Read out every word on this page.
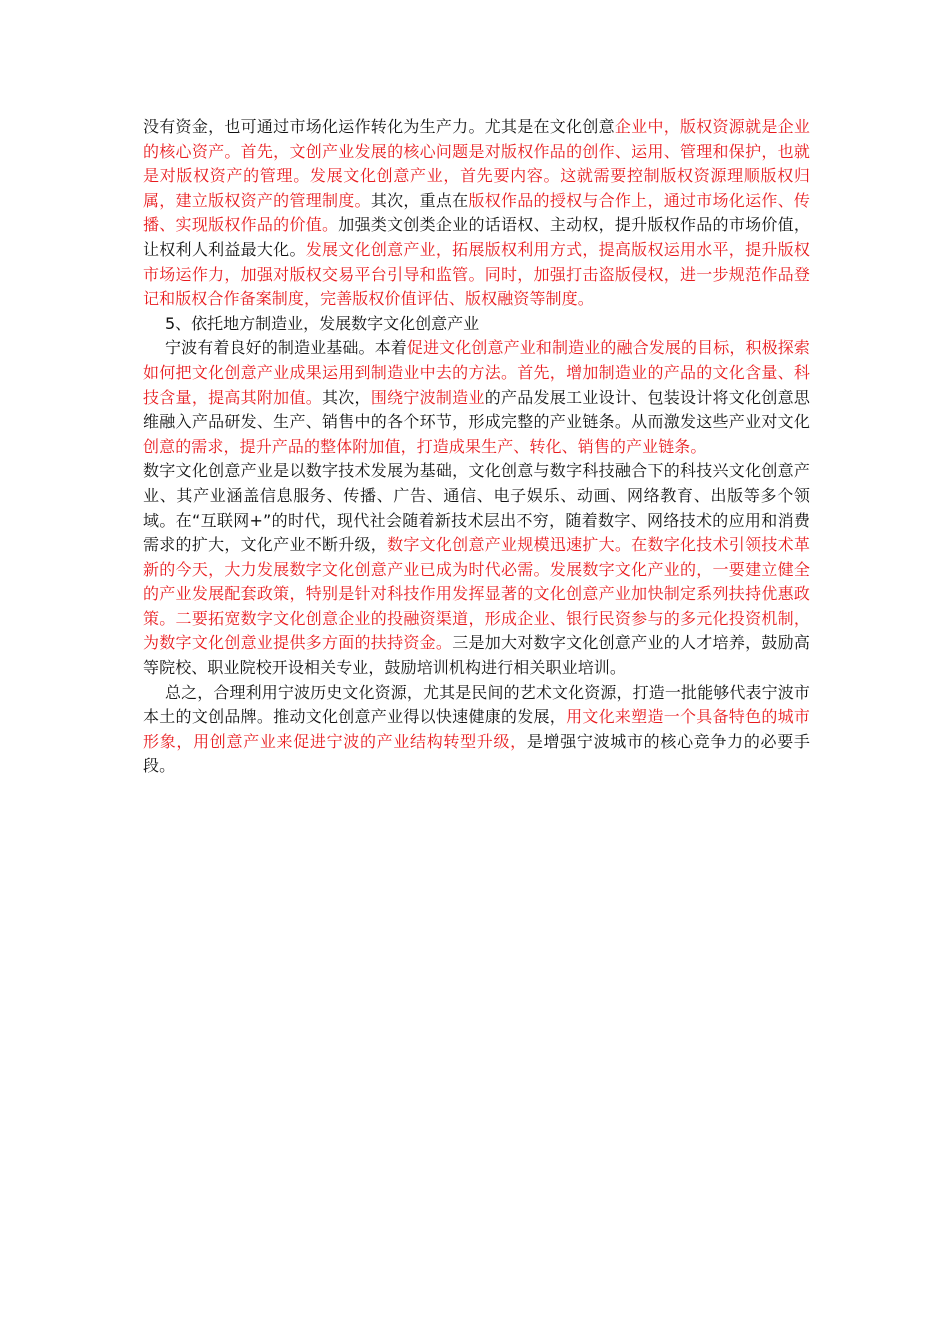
没有资金，也可通过市场化运作转化为生产力。尤其是在文化创意企业中，版权资源就是企业的核心资产。首先，文创产业发展的核心问题是对版权作品的创作、运用、管理和保护，也就是对版权资产的管理。发展文化创意产业，首先要内容。这就需要控制版权资源理顺版权归属，建立版权资产的管理制度。其次，重点在版权作品的授权与合作上，通过市场化运作、传播、实现版权作品的价值。加强类文创类企业的话语权、主动权，提升版权作品的市场价值，让权利人利益最大化。发展文化创意产业，拓展版权利用方式，提高版权运用水平，提升版权市场运作力，加强对版权交易平台引导和监管。同时，加强打击盗版侵权，进一步规范作品登记和版权合作备案制度，完善版权价值评估、版权融资等制度。

5、依托地方制造业，发展数字文化创意产业

宁波有着良好的制造业基础。本着促进文化创意产业和制造业的融合发展的目标，积极探索如何把文化创意产业成果运用到制造业中去的方法。首先，增加制造业的产品的文化含量、科技含量，提高其附加值。其次，围绕宁波制造业的产品发展工业设计、包装设计将文化创意思维融入产品研发、生产、销售中的各个环节，形成完整的产业链条。从而激发这些产业对文化创意的需求，提升产品的整体附加值，打造成果生产、转化、销售的产业链条。

数字文化创意产业是以数字技术发展为基础，文化创意与数字科技融合下的科技兴文化创意产业、其产业涵盖信息服务、传播、广告、通信、电子娱乐、动画、网络教育、出版等多个领域。在“互联网+”的时代，现代社会随着新技术层出不穷，随着数字、网络技术的应用和消费需求的扩大，文化产业不断升级，数字文化创意产业规模迅速扩大。在数字化技术引领技术革新的今天，大力发展数字文化创意产业已成为时代必需。发展数字文化产业的，一要建立健全的产业发展配套政策，特别是针对科技作用发挥显著的文化创意产业加快制定系列扶持优惠政策。二要拓宽数字文化创意企业的投融资渠道，形成企业、银行民资参与的多元化投资机制，为数字文化创意业提供多方面的扶持资金。三是加大对数字文化创意产业的人才培养，鼓励高等院校、职业院校开设相关专业，鼓励培训机构进行相关职业培训。

总之，合理利用宁波历史文化资源，尤其是民间的艺术文化资源，打造一批能够代表宁波市本土的文创品牌。推动文化创意产业得以快速健康的发展，用文化来塑造一个具备特色的城市形象，用创意产业来促进宁波的产业结构转型升级，是增强宁波城市的核心竞争力的必要手段。
